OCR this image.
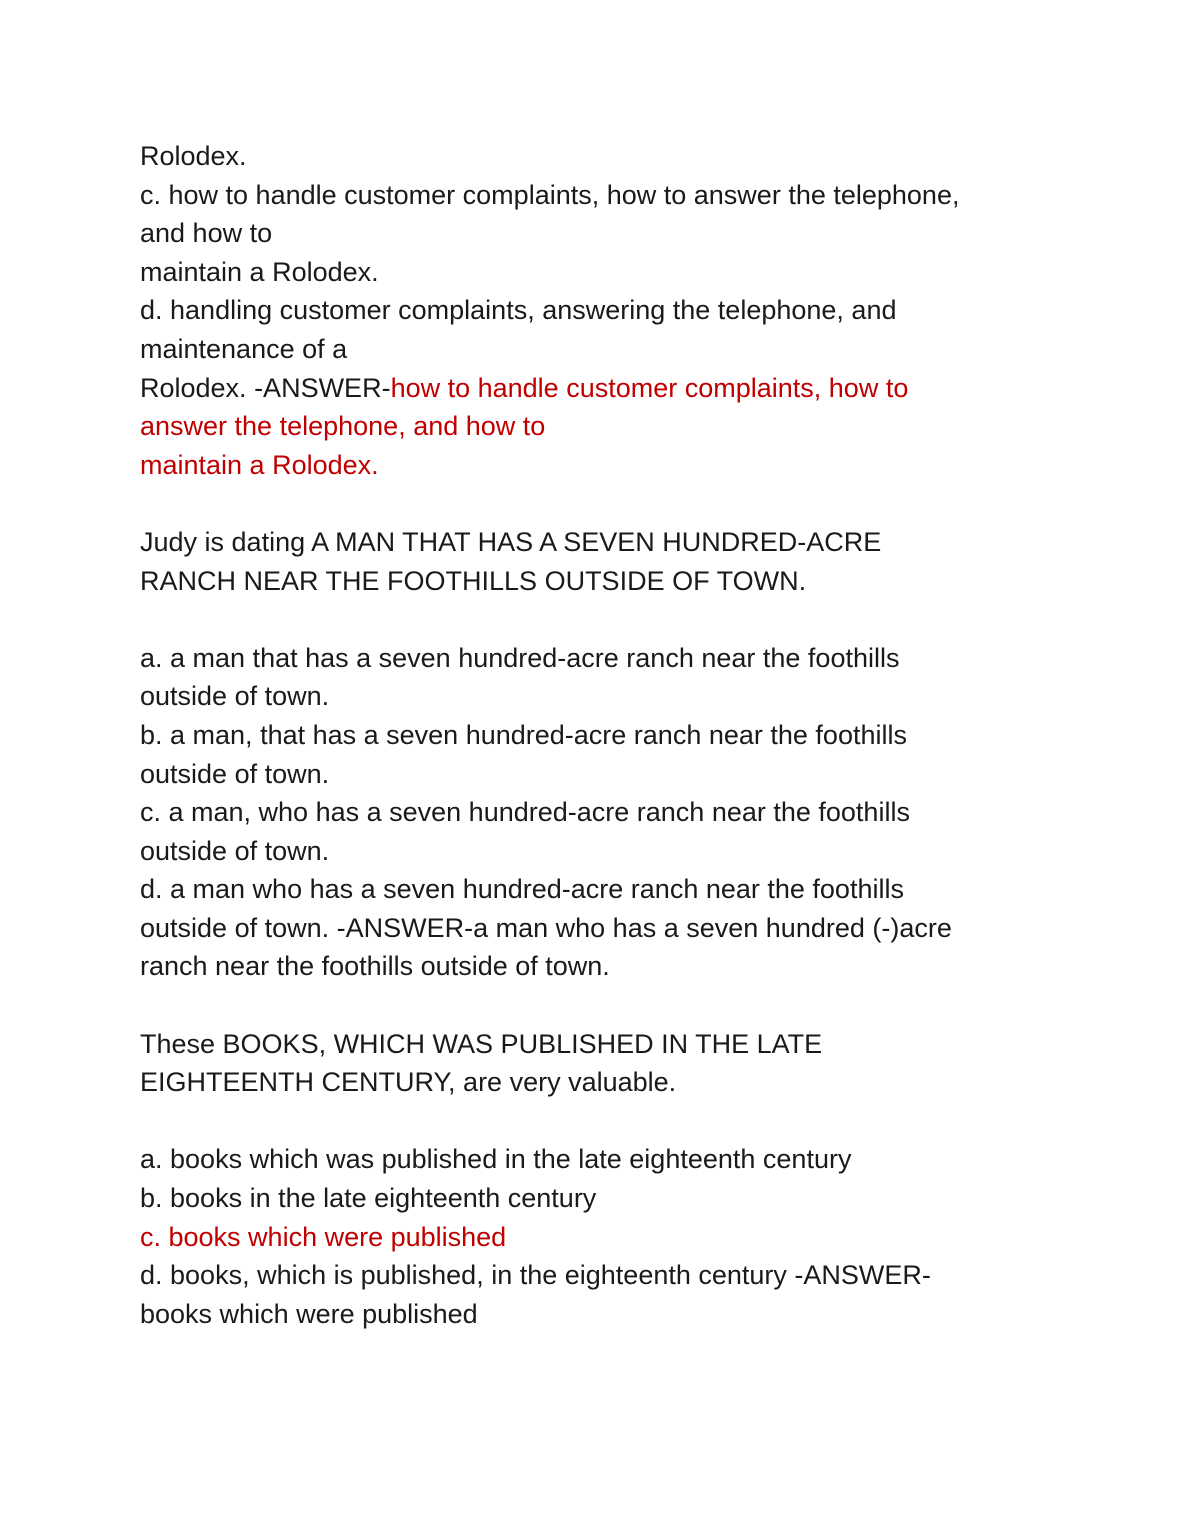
Rolodex.
c. how to handle customer complaints, how to answer the telephone,
and how to
maintain a Rolodex.
d. handling customer complaints, answering the telephone, and
maintenance of a
Rolodex. -ANSWER-how to handle customer complaints, how to
answer the telephone, and how to
maintain a Rolodex.
Judy is dating A MAN THAT HAS A SEVEN HUNDRED-ACRE
RANCH NEAR THE FOOTHILLS OUTSIDE OF TOWN.
a. a man that has a seven hundred-acre ranch near the foothills
outside of town.
b. a man, that has a seven hundred-acre ranch near the foothills
outside of town.
c. a man, who has a seven hundred-acre ranch near the foothills
outside of town.
d. a man who has a seven hundred-acre ranch near the foothills
outside of town. -ANSWER-a man who has a seven hundred (-)acre
ranch near the foothills outside of town.
These BOOKS, WHICH WAS PUBLISHED IN THE LATE
EIGHTEENTH CENTURY, are very valuable.
a. books which was published in the late eighteenth century
b. books in the late eighteenth century
c. books which were published
d. books, which is published, in the eighteenth century -ANSWER-
books which were published
